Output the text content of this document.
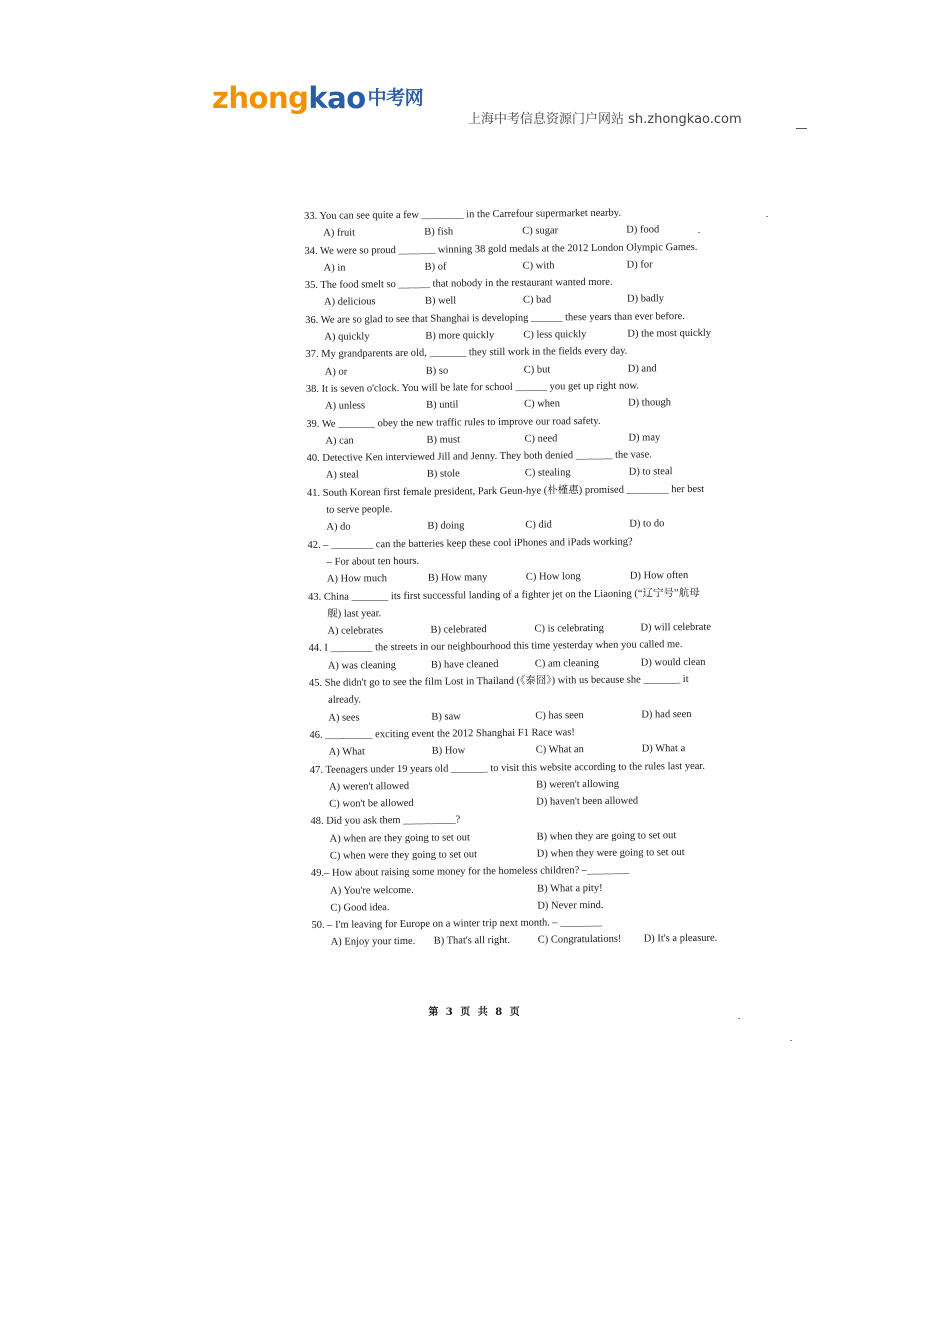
zhongkao 中考网
上海中考信息资源门户网站 sh.zhongkao.com
33. You can see quite a few ________ in the Carrefour supermarket nearby.
A) fruit	B) fish	C) sugar	D) food
34. We were so proud _______ winning 38 gold medals at the 2012 London Olympic Games.
A) in	B) of	C) with	D) for
35. The food smelt so ______ that nobody in the restaurant wanted more.
A) delicious	B) well	C) bad	D) badly
36. We are so glad to see that Shanghai is developing ______ these years than ever before.
A) quickly	B) more quickly	C) less quickly	D) the most quickly
37. My grandparents are old, _______ they still work in the fields every day.
A) or	B) so	C) but	D) and
38. It is seven o'clock. You will be late for school ______ you get up right now.
A) unless	B) until	C) when	D) though
39. We _______ obey the new traffic rules to improve our road safety.
A) can	B) must	C) need	D) may
40. Detective Ken interviewed Jill and Jenny. They both denied _______ the vase.
A) steal	B) stole	C) stealing	D) to steal
41. South Korean first female president, Park Geun-hye (朴槿惠) promised ________ her best
to serve people.
A) do	B) doing	C) did	D) to do
42. – ________ can the batteries keep these cool iPhones and iPads working?
– For about ten hours.
A) How much	B) How many	C) How long	D) How often
43. China _______ its first successful landing of a fighter jet on the Liaoning (“辽宁号”航母
舰) last year.
A) celebrates	B) celebrated	C) is celebrating	D) will celebrate
44. I ________ the streets in our neighbourhood this time yesterday when you called me.
A) was cleaning	B) have cleaned	C) am cleaning	D) would clean
45. She didn't go to see the film Lost in Thailand (《泰囧》) with us because she _______ it
already.
A) sees	B) saw	C) has seen	D) had seen
46. _________ exciting event the 2012 Shanghai F1 Race was!
A) What	B) How	C) What an	D) What a
47. Teenagers under 19 years old _______ to visit this website according to the rules last year.
A) weren't allowed	B) weren't allowing
C) won't be allowed	D) haven't been allowed
48. Did you ask them __________?
A) when are they going to set out	B) when they are going to set out
C) when were they going to set out	D) when they were going to set out
49.– How about raising some money for the homeless children? –________
A) You're welcome.	B) What a pity!
C) Good idea.	D) Never mind.
50. – I'm leaving for Europe on a winter trip next month. – ________
A) Enjoy your time. B) That's all right.	C) Congratulations! D) It's a pleasure.
第 3 页 共 8 页
